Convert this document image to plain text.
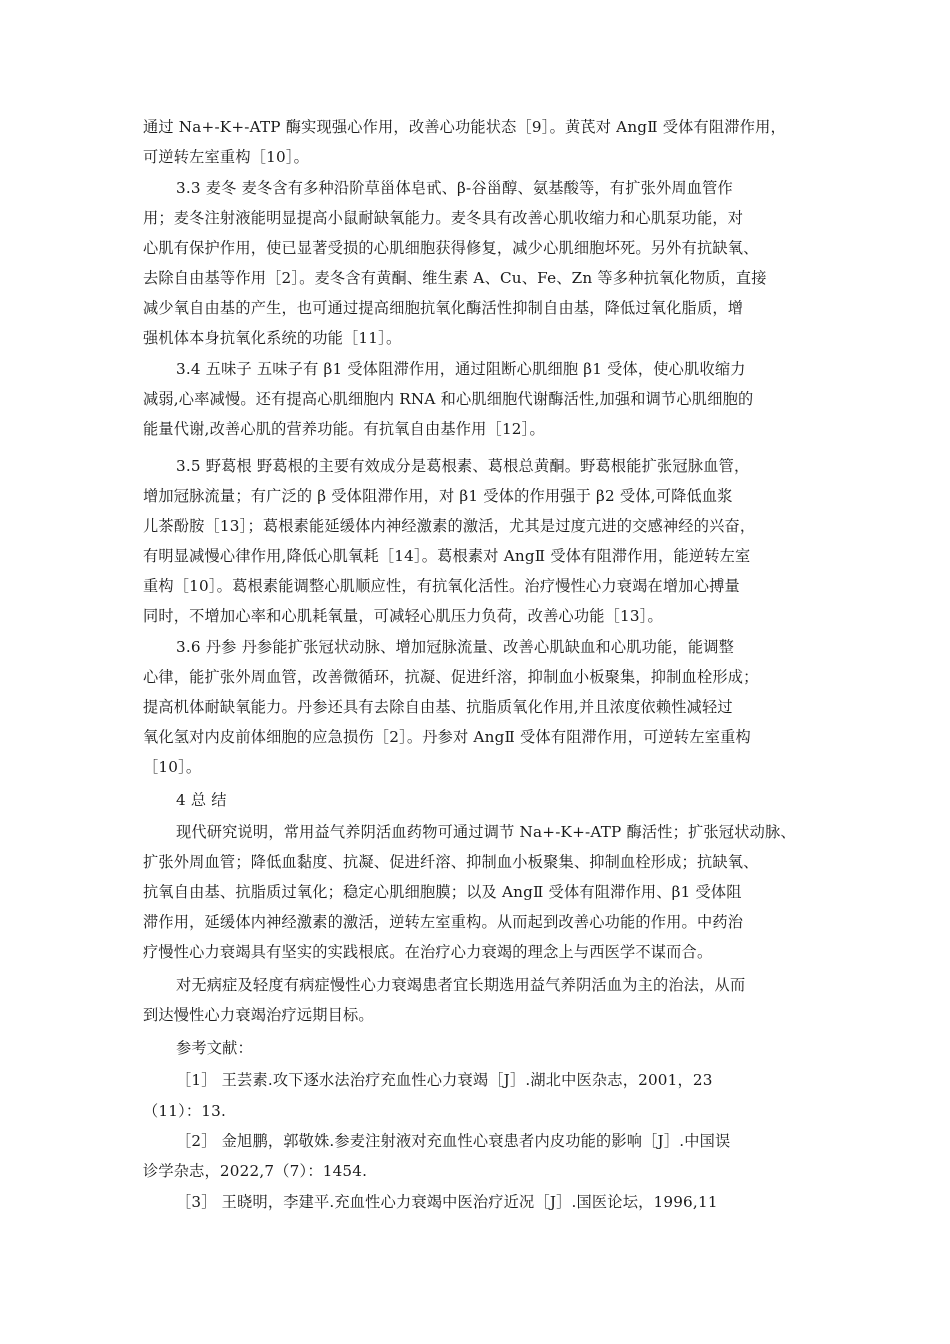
通过 Na+-K+-ATP 酶实现强心作用，改善心功能状态［9］。黄芪对 AngⅡ 受体有阻滞作用，
可逆转左室重构［10］。
3.3 麦冬 麦冬含有多种沿阶草甾体皂甙、β-谷甾醇、氨基酸等，有扩张外周血管作
用；麦冬注射液能明显提高小鼠耐缺氧能力。麦冬具有改善心肌收缩力和心肌泵功能，对
心肌有保护作用，使已显著受损的心肌细胞获得修复，减少心肌细胞坏死。另外有抗缺氧、
去除自由基等作用［2］。麦冬含有黄酮、维生素 A、Cu、Fe、Zn 等多种抗氧化物质，直接
减少氧自由基的产生，也可通过提高细胞抗氧化酶活性抑制自由基，降低过氧化脂质，增
强机体本身抗氧化系统的功能［11］。
3.4 五味子 五味子有 β1 受体阻滞作用，通过阻断心肌细胞 β1 受体，使心肌收缩力
减弱,心率减慢。还有提高心肌细胞内 RNA 和心肌细胞代谢酶活性,加强和调节心肌细胞的
能量代谢,改善心肌的营养功能。有抗氧自由基作用［12］。
3.5 野葛根 野葛根的主要有效成分是葛根素、葛根总黄酮。野葛根能扩张冠脉血管，
增加冠脉流量；有广泛的 β 受体阻滞作用，对 β1 受体的作用强于 β2 受体,可降低血浆
儿茶酚胺［13］；葛根素能延缓体内神经激素的激活，尤其是过度亢进的交感神经的兴奋，
有明显减慢心律作用,降低心肌氧耗［14］。葛根素对 AngⅡ 受体有阻滞作用，能逆转左室
重构［10］。葛根素能调整心肌顺应性，有抗氧化活性。治疗慢性心力衰竭在增加心搏量
同时，不增加心率和心肌耗氧量，可减轻心肌压力负荷，改善心功能［13］。
3.6 丹参 丹参能扩张冠状动脉、增加冠脉流量、改善心肌缺血和心肌功能，能调整
心律，能扩张外周血管，改善微循环，抗凝、促进纤溶，抑制血小板聚集，抑制血栓形成；
提高机体耐缺氧能力。丹参还具有去除自由基、抗脂质氧化作用,并且浓度依赖性减轻过
氧化氢对内皮前体细胞的应急损伤［2］。丹参对 AngⅡ 受体有阻滞作用，可逆转左室重构
［10］。
4 总 结
现代研究说明，常用益气养阴活血药物可通过调节 Na+-K+-ATP 酶活性；扩张冠状动脉、
扩张外周血管；降低血黏度、抗凝、促进纤溶、抑制血小板聚集、抑制血栓形成；抗缺氧、
抗氧自由基、抗脂质过氧化；稳定心肌细胞膜；以及 AngⅡ 受体有阻滞作用、β1 受体阻
滞作用，延缓体内神经激素的激活，逆转左室重构。从而起到改善心功能的作用。中药治
疗慢性心力衰竭具有坚实的实践根底。在治疗心力衰竭的理念上与西医学不谋而合。
对无病症及轻度有病症慢性心力衰竭患者宜长期选用益气养阴活血为主的治法，从而
到达慢性心力衰竭治疗远期目标。
参考文献：
［1］ 王芸素.攻下逐水法治疗充血性心力衰竭［J］.湖北中医杂志，2001，23
（11）：13.
［2］ 金旭鹏，郭敬姝.参麦注射液对充血性心衰患者内皮功能的影响［J］.中国误
诊学杂志，2022,7（7）：1454.
［3］ 王晓明，李建平.充血性心力衰竭中医治疗近况［J］.国医论坛，1996,11
